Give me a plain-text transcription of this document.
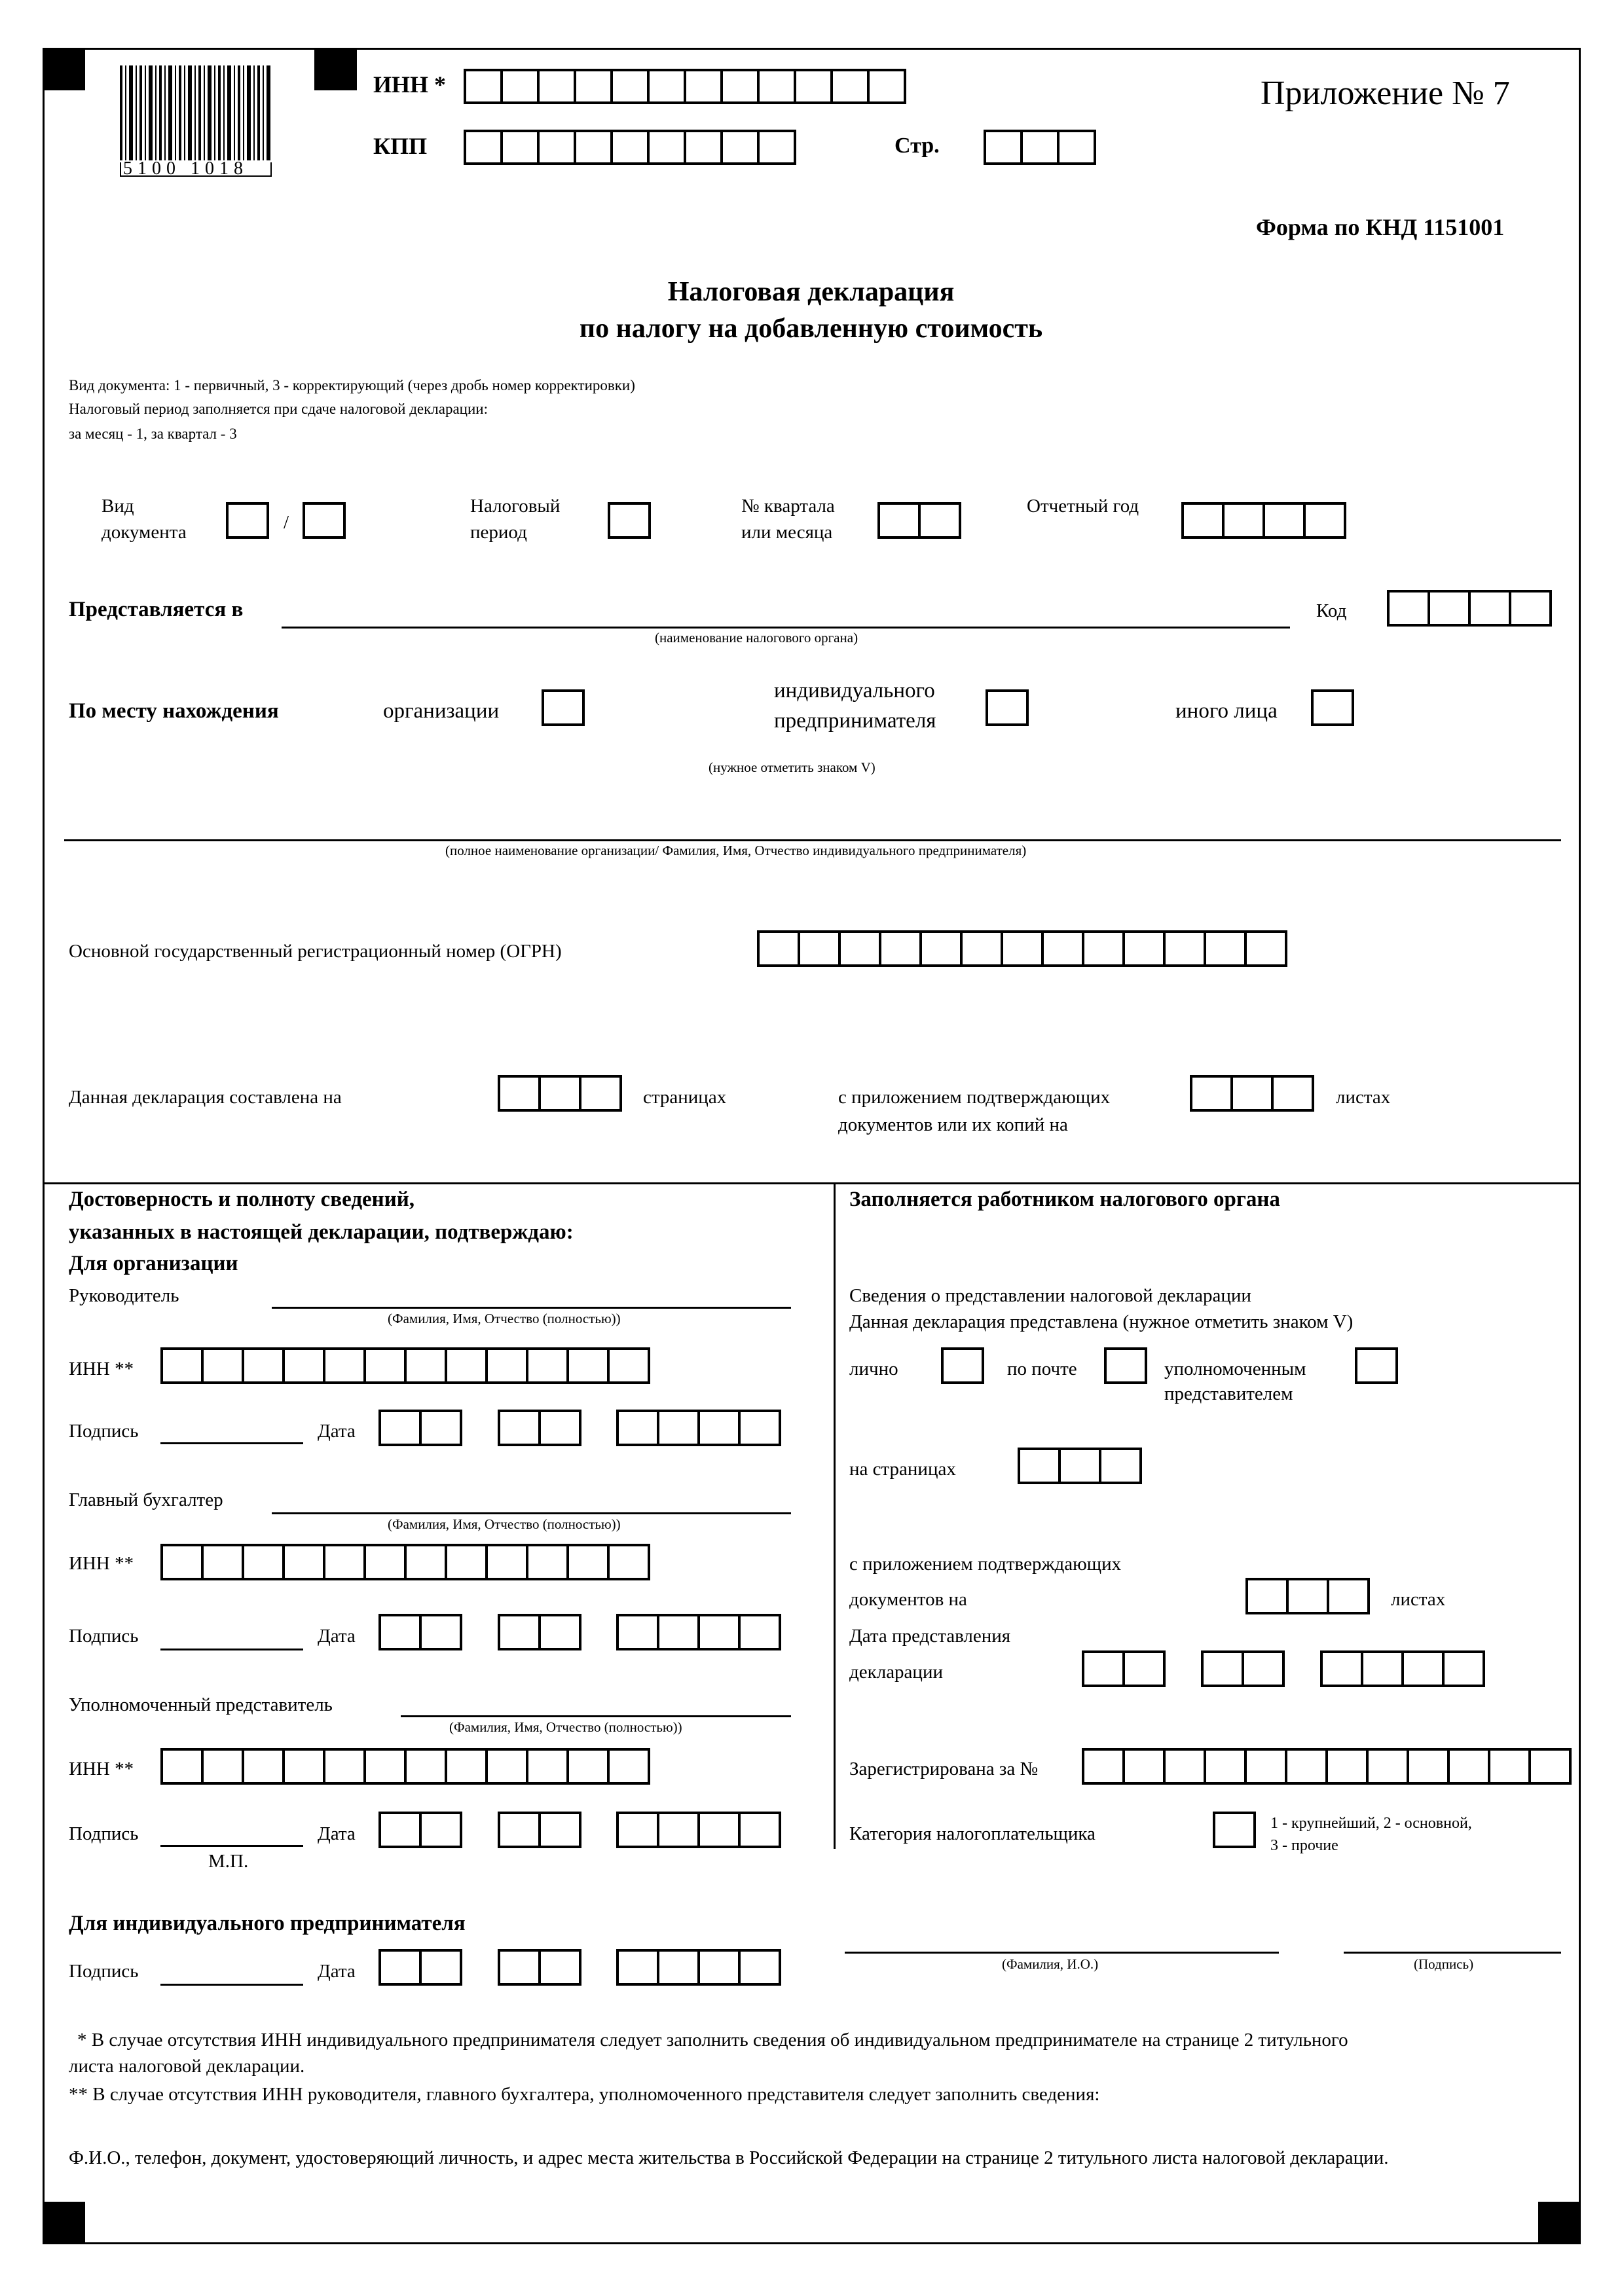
5100 1018
ИНН *
КПП	Стр.
Приложение № 7
Форма по КНД 1151001
Налоговая декларация
по налогу на добавленную стоимость
Вид документа: 1 - первичный, 3 - корректирующий (через дробь номер корректировки)
Налоговый период заполняется при сдаче налоговой декларации:
за месяц - 1, за квартал - 3
Вид
документа	/
Налоговый
период
№ квартала
или месяца
Отчетный год
Представляется в
(наименование налогового органа)
Код
По месту нахождения	организации
индивидуального
предпринимателя	иного лица
(нужное отметить знаком V)
(полное наименование организации/ Фамилия, Имя, Отчество индивидуального предпринимателя)
Основной государственный регистрационный номер (ОГРН)
Данная декларация составлена на	страницах	с приложением подтверждающих
документов или их копий на
листах
Достоверность и полноту сведений,
указанных в настоящей декларации, подтверждаю:
Для организации
Руководитель
(Фамилия, Имя, Отчество (полностью))
ИНН **
Подпись	Дата
Главный бухгалтер
(Фамилия, Имя, Отчество (полностью))
ИНН **
Подпись	Дата
Уполномоченный представитель
(Фамилия, Имя, Отчество (полностью))
ИНН **
Подпись	Дата
М.П.
Для индивидуального предпринимателя
Подпись	Дата
Заполняется работником налогового органа
Сведения о представлении налоговой декларации
Данная декларация представлена (нужное отметить знаком V)
лично	по почте	уполномоченным
представителем
на страницах
с приложением подтверждающих
документов на	листах
Дата представления
декларации
Зарегистрирована за №
Категория налогоплательщика	1 - крупнейший, 2 - основной,
3 - прочие
(Фамилия, И.О.)	(Подпись)
* В случае отсутствия ИНН индивидуального предпринимателя следует заполнить сведения об индивидуальном предпринимателе на странице 2 титульного
листа налоговой декларации.
** В случае отсутствия ИНН руководителя, главного бухгалтера, уполномоченного представителя следует заполнить сведения:
Ф.И.О., телефон, документ, удостоверяющий личность, и адрес места жительства в Российской Федерации на странице 2 титульного листа налоговой декларации.
